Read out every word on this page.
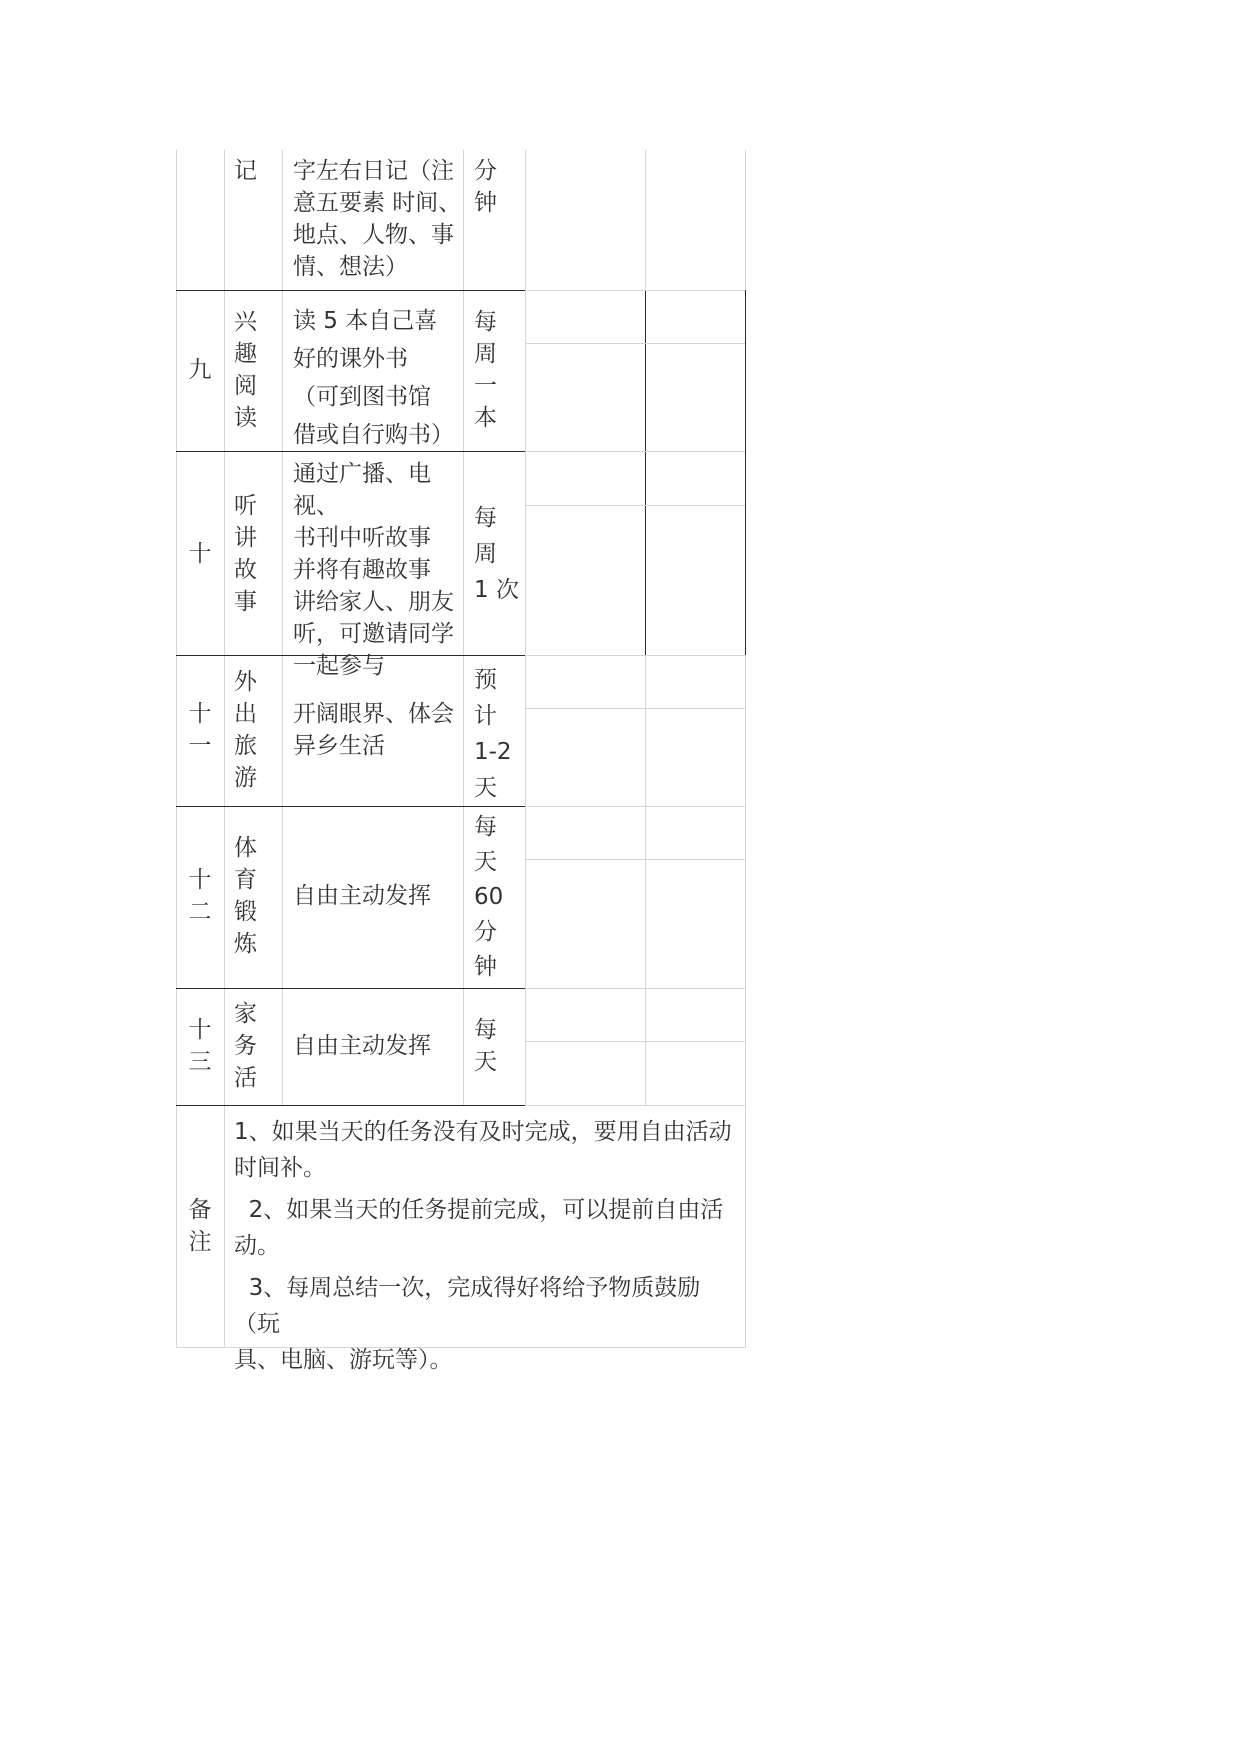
记 字左右日记（注
意五要素 时间、
地点、人物、事
情、想法）
分
钟
九
兴
趣
阅
读
读 5 本自己喜
好的课外书
（可到图书馆
借或自行购书）
每
周
一
本
十
听
讲
故
事
通过广播、电视、
书刊中听故事
并将有趣故事
讲给家人、朋友
听，可邀请同学
一起参与
每
周
1 次
十
一
外
出
旅
游
开阔眼界、体会
异乡生活
预
计
1-2
天
十
二
体
育
锻
炼
自由主动发挥
每
天
60
分
钟
十
三
家
务
活
自由主动发挥
每
天
备
注
1、如果当天的任务没有及时完成，要用自由活动
时间补。
2、如果当天的任务提前完成，可以提前自由活
动。
3、每周总结一次，完成得好将给予物质鼓励（玩
具、电脑、游玩等）。
